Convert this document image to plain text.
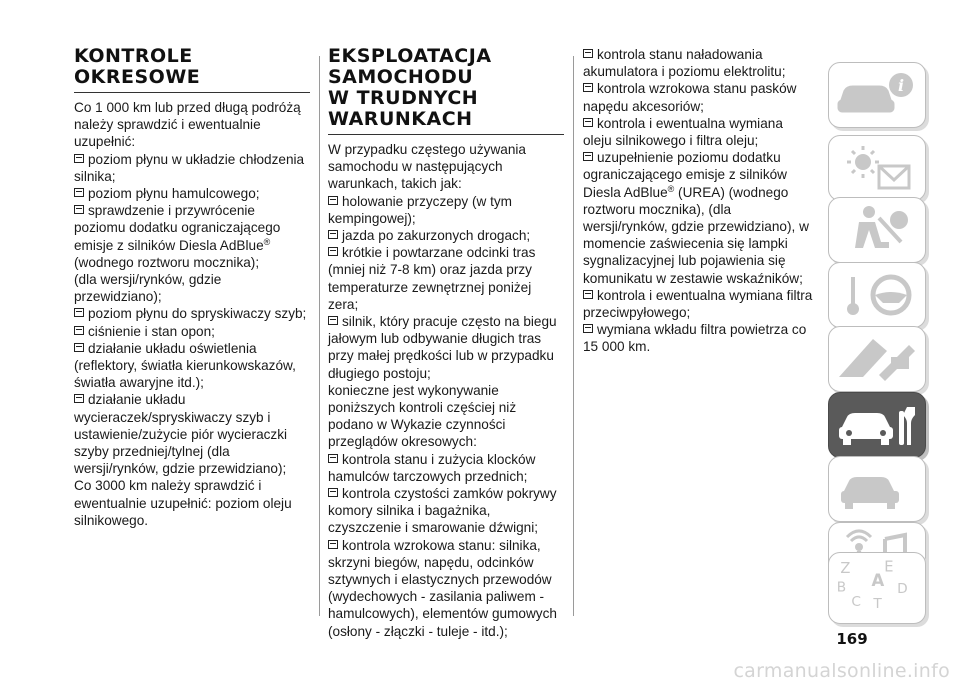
KONTROLE
OKRESOWE

Co 1 000 km lub przed długą podróżą należy sprawdzić i ewentualnie uzupełnić:

poziom płynu w układzie chłodzenia silnika;

poziom płynu hamulcowego;

sprawdzenie i przywrócenie poziomu dodatku ograniczającego emisje z silników Diesla AdBlue® (wodnego roztworu mocznika);

(dla wersji/rynków, gdzie przewidziano);

poziom płynu do spryskiwaczy szyb;

ciśnienie i stan opon;

działanie układu oświetlenia (reflektory, światła kierunkowskazów, światła awaryjne itd.);

działanie układu wycieraczek/spryskiwaczy szyb i ustawienie/zużycie piór wycieraczki szyby przedniej/tylnej (dla wersji/rynków, gdzie przewidziano);

Co 3000 km należy sprawdzić i ewentualnie uzupełnić: poziom oleju silnikowego.

EKSPLOATACJA
SAMOCHODU
W TRUDNYCH
WARUNKACH

W przypadku częstego używania samochodu w następujących warunkach, takich jak:

holowanie przyczepy (w tym kempingowej);

jazda po zakurzonych drogach;

krótkie i powtarzane odcinki tras (mniej niż 7-8 km) oraz jazda przy temperaturze zewnętrznej poniżej zera;

silnik, który pracuje często na biegu jałowym lub odbywanie długich tras przy małej prędkości lub w przypadku długiego postoju;

konieczne jest wykonywanie poniższych kontroli częściej niż podano w Wykazie czynności przeglądów okresowych:

kontrola stanu i zużycia klocków hamulców tarczowych przednich;

kontrola czystości zamków pokrywy komory silnika i bagażnika, czyszczenie i smarowanie dźwigni;

kontrola wzrokowa stanu: silnika, skrzyni biegów, napędu, odcinków sztywnych i elastycznych przewodów (wydechowych - zasilania paliwem - hamulcowych), elementów gumowych (osłony - złączki - tuleje - itd.);

kontrola stanu naładowania akumulatora i poziomu elektrolitu;

kontrola wzrokowa stanu pasków napędu akcesoriów;

kontrola i ewentualna wymiana oleju silnikowego i filtra oleju;

uzupełnienie poziomu dodatku ograniczającego emisje z silników Diesla AdBlue® (UREA) (wodnego roztworu mocznika), (dla wersji/rynków, gdzie przewidziano), w momencie zaświecenia się lampki sygnalizacyjnej lub pojawienia się komunikatu w zestawie wskaźników;

kontrola i ewentualna wymiana filtra przeciwpyłowego;

wymiana wkładu filtra powietrza co 15 000 km.

i
Z E
A
B	D
C T
169
carmanualsonline.info
